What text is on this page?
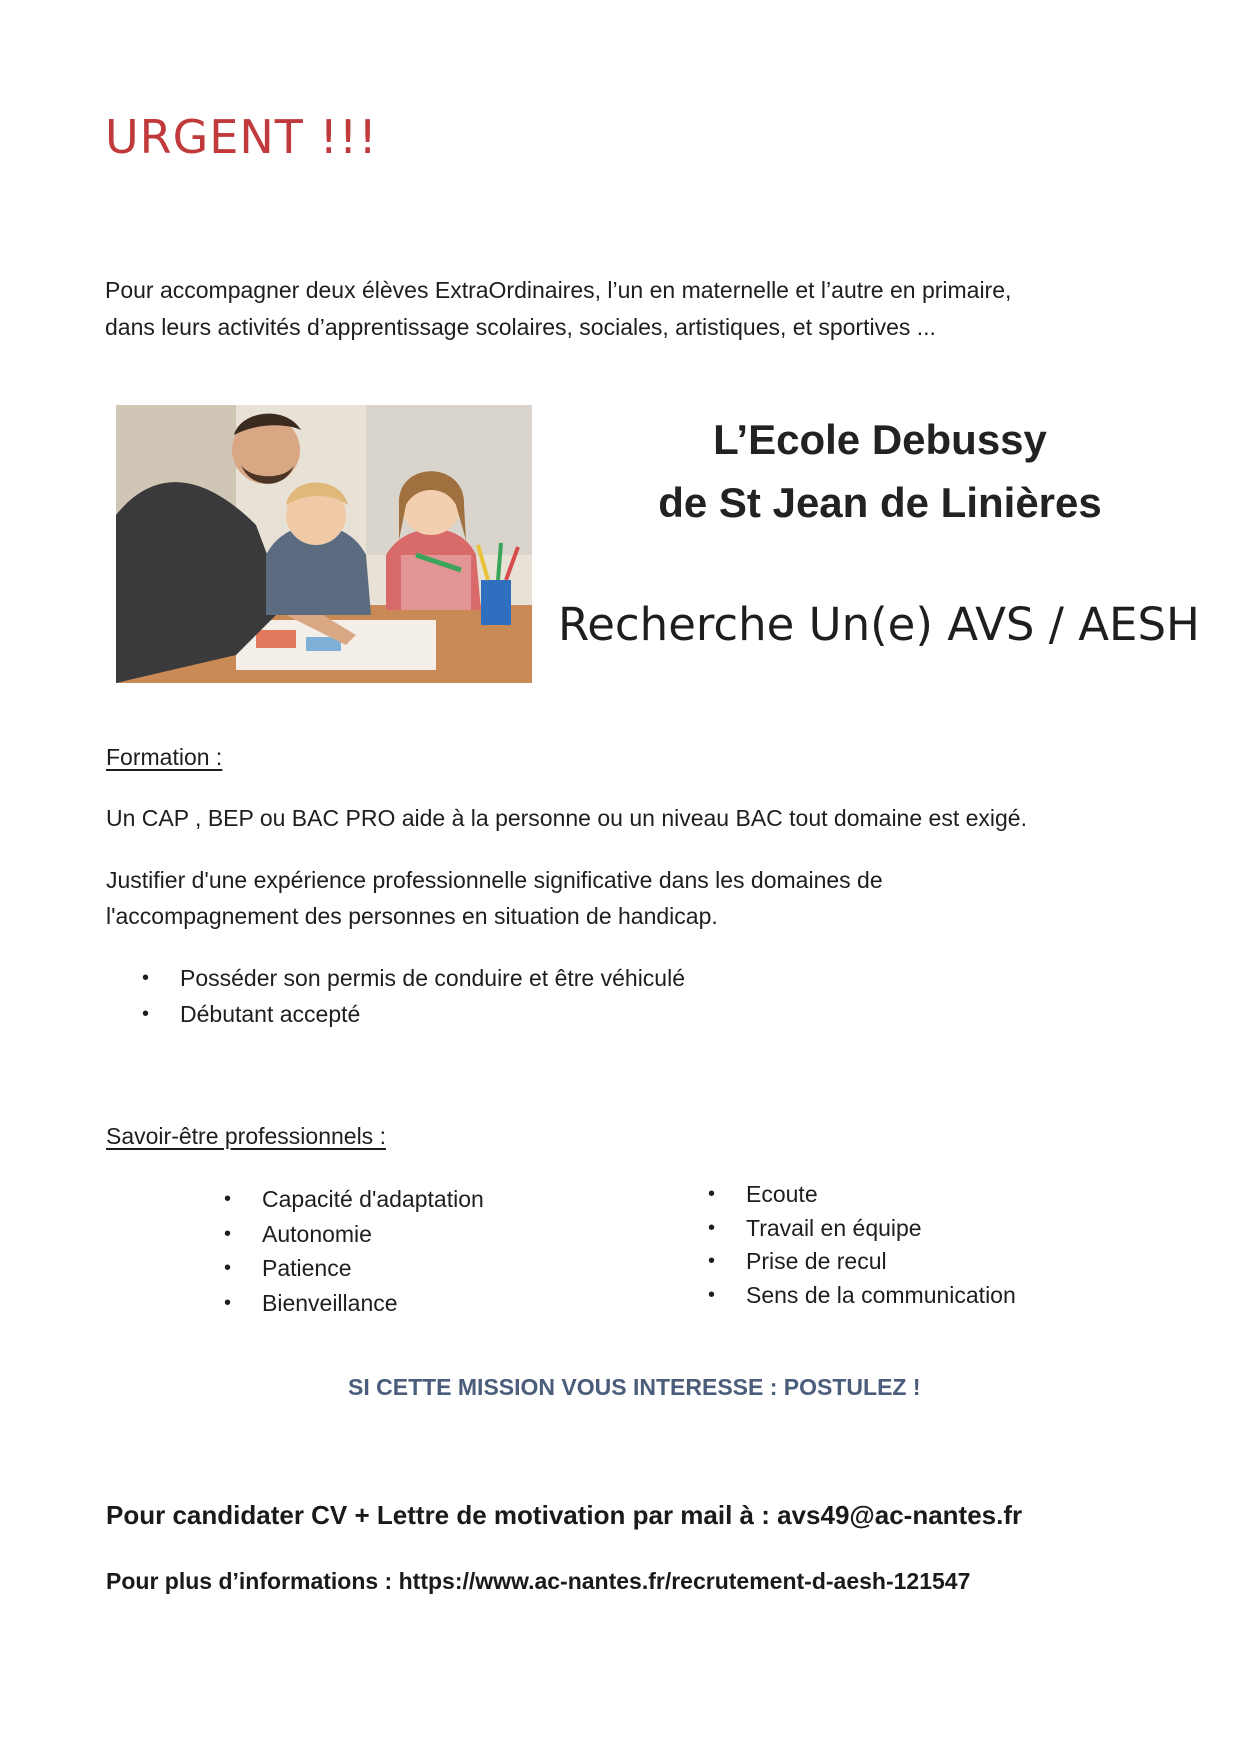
URGENT !!!

Pour accompagner deux élèves ExtraOrdinaires, l’un en maternelle et l’autre en primaire,

dans leurs activités d’apprentissage scolaires, sociales, artistiques, et sportives ...

L’Ecole Debussy
de St Jean de Linières
Recherche Un(e) AVS / AESH
Formation :

Un CAP , BEP ou BAC PRO aide à la personne ou un niveau BAC tout domaine est exigé.

Justifier d'une expérience professionnelle significative dans les domaines de

l'accompagnement des personnes en situation de handicap.

• Posséder son permis de conduire et être véhiculé
• Débutant accepté
Savoir-être professionnels :
• Capacité d'adaptation
• Autonomie
• Patience
• Bienveillance
• Ecoute
• Travail en équipe
• Prise de recul
• Sens de la communication
SI CETTE MISSION VOUS INTERESSE : POSTULEZ !
Pour candidater CV + Lettre de motivation par mail à : avs49@ac-nantes.fr
Pour plus d’informations : https://www.ac-nantes.fr/recrutement-d-aesh-121547
